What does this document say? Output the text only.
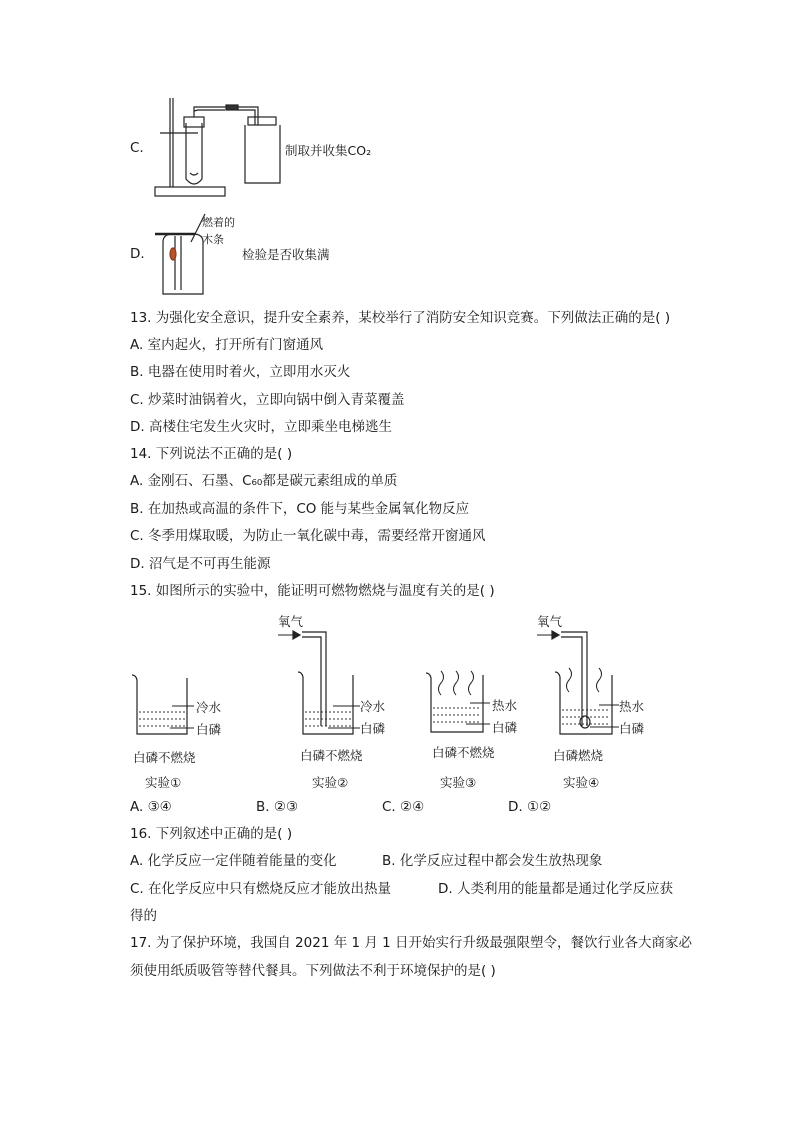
C.	制取并收集CO₂
D.
燃着的
木条
检验是否收集满
13. 为强化安全意识，提升安全素养，某校举行了消防安全知识竞赛。下列做法正确的是( )
A. 室内起火，打开所有门窗通风
B. 电器在使用时着火，立即用水灭火
C. 炒菜时油锅着火，立即向锅中倒入青菜覆盖
D. 高楼住宅发生火灾时，立即乘坐电梯逃生
14. 下列说法不正确的是( )
A. 金刚石、石墨、C₆₀都是碳元素组成的单质
B. 在加热或高温的条件下，CO 能与某些金属氧化物反应
C. 冬季用煤取暖，为防止一氧化碳中毒，需要经常开窗通风
D. 沼气是不可再生能源
15. 如图所示的实验中，能证明可燃物燃烧与温度有关的是( )
冷水
白磷
白磷不燃烧
实验①
氧气
冷水
白磷
白磷不燃烧
实验②
热水
白磷
白磷不燃烧
实验③
氧气
热水
白磷
白磷燃烧
实验④
A. ③④	B. ②③	C. ②④	D. ①②
16. 下列叙述中正确的是( )
A. 化学反应一定伴随着能量的变化	B. 化学反应过程中都会发生放热现象
C. 在化学反应中只有燃烧反应才能放出热量	D. 人类利用的能量都是通过化学反应获
得的
17. 为了保护环境，我国自 2021 年 1 月 1 日开始实行升级最强限塑令，餐饮行业各大商家必
须使用纸质吸管等替代餐具。下列做法不利于环境保护的是( )
